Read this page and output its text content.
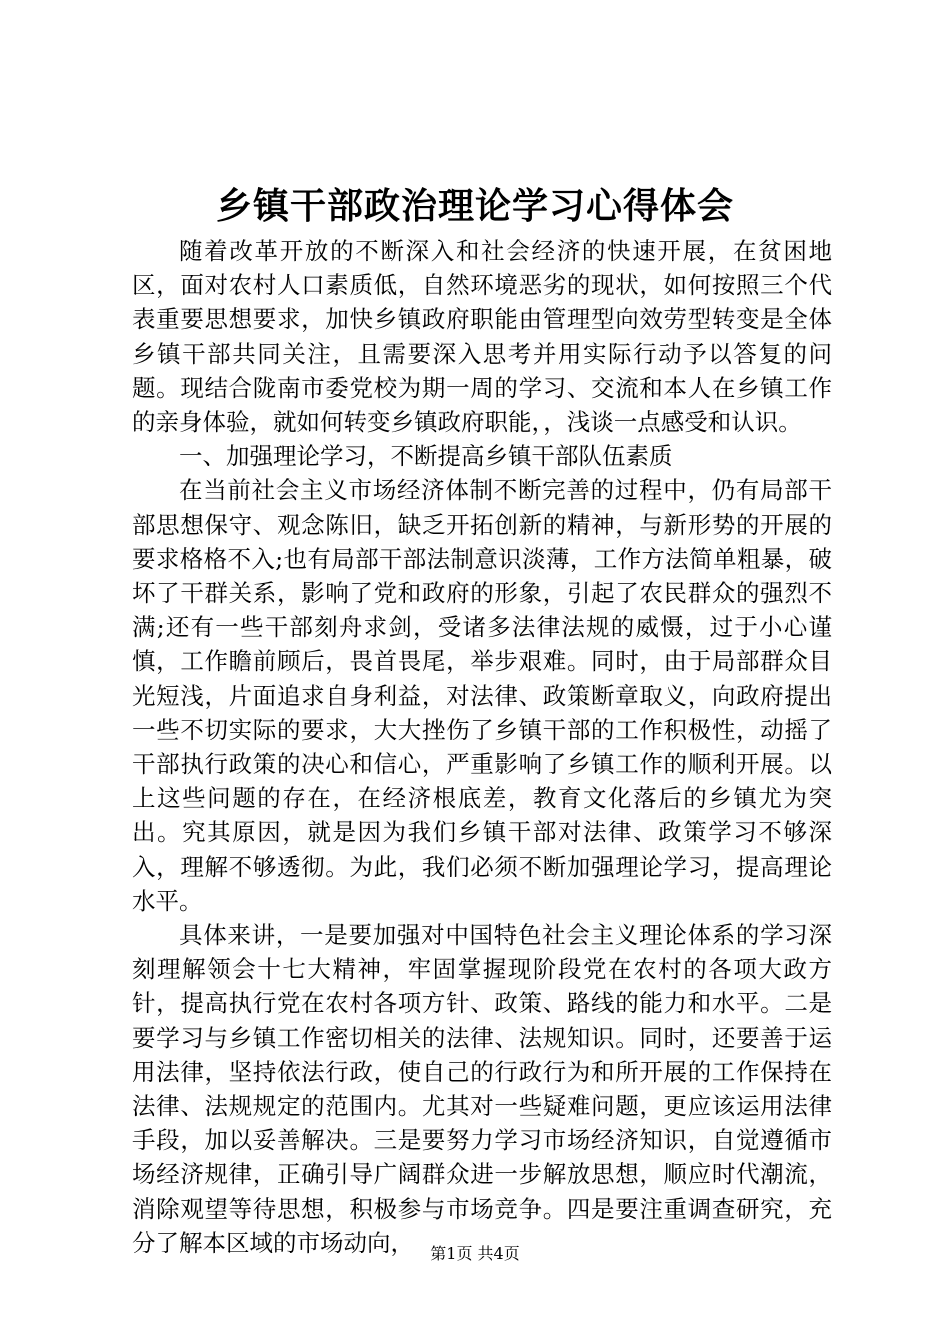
乡镇干部政治理论学习心得体会

随着改革开放的不断深入和社会经济的快速开展，在贫困地区，面对农村人口素质低，自然环境恶劣的现状，如何按照三个代表重要思想要求，加快乡镇政府职能由管理型向效劳型转变是全体乡镇干部共同关注，且需要深入思考并用实际行动予以答复的问题。现结合陇南市委党校为期一周的学习、交流和本人在乡镇工作的亲身体验，就如何转变乡镇政府职能，，浅谈一点感受和认识。

一、加强理论学习，不断提高乡镇干部队伍素质

在当前社会主义市场经济体制不断完善的过程中，仍有局部干部思想保守、观念陈旧，缺乏开拓创新的精神，与新形势的开展的要求格格不入;也有局部干部法制意识淡薄，工作方法简单粗暴，破坏了干群关系，影响了党和政府的形象，引起了农民群众的强烈不满;还有一些干部刻舟求剑，受诸多法律法规的威慑，过于小心谨慎，工作瞻前顾后，畏首畏尾，举步艰难。同时，由于局部群众目光短浅，片面追求自身利益，对法律、政策断章取义，向政府提出一些不切实际的要求，大大挫伤了乡镇干部的工作积极性，动摇了干部执行政策的决心和信心，严重影响了乡镇工作的顺利开展。以上这些问题的存在，在经济根底差，教育文化落后的乡镇尤为突出。究其原因，就是因为我们乡镇干部对法律、政策学习不够深入，理解不够透彻。为此，我们必须不断加强理论学习，提高理论水平。

具体来讲，一是要加强对中国特色社会主义理论体系的学习深刻理解领会十七大精神，牢固掌握现阶段党在农村的各项大政方针，提高执行党在农村各项方针、政策、路线的能力和水平。二是要学习与乡镇工作密切相关的法律、法规知识。同时，还要善于运用法律，坚持依法行政，使自己的行政行为和所开展的工作保持在法律、法规规定的范围内。尤其对一些疑难问题，更应该运用法律手段，加以妥善解决。三是要努力学习市场经济知识，自觉遵循市场经济规律，正确引导广阔群众进一步解放思想，顺应时代潮流，消除观望等待思想，积极参与市场竞争。四是要注重调查研究，充分了解本区域的市场动向，	第1页 共4页
